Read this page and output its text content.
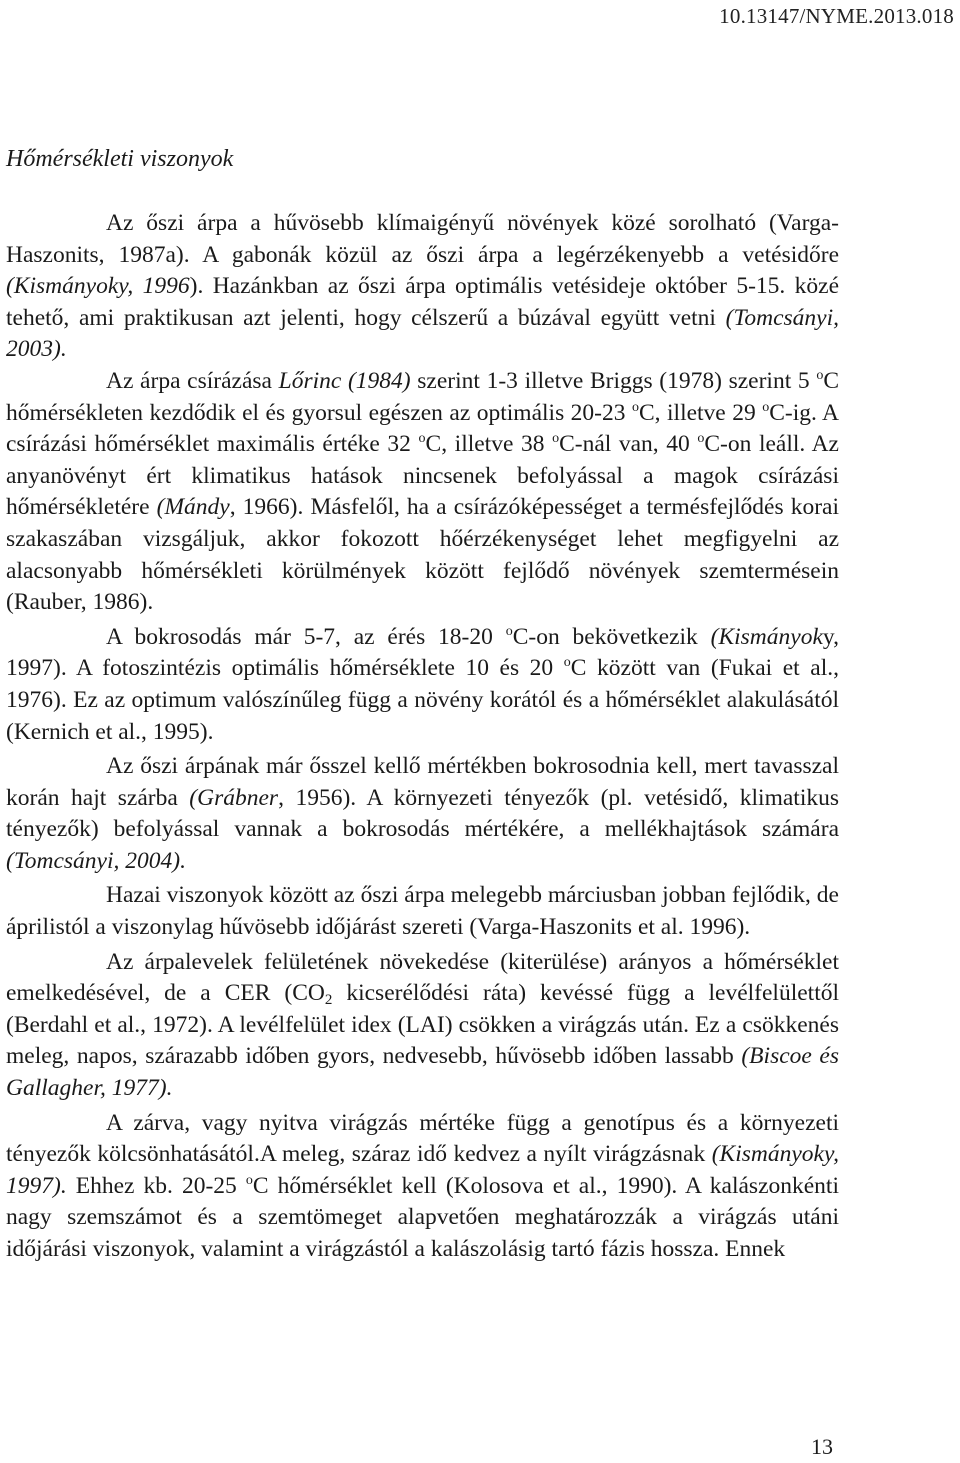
10.13147/NYME.2013.018
Hőmérsékleti viszonyok

Az őszi árpa a hűvösebb klímaigényű növények közé sorolható (Varga-Haszonits, 1987a). A gabonák közül az őszi árpa a legérzékenyebb a vetésidőre (Kismányoky, 1996). Hazánkban az őszi árpa optimális vetésideje október 5-15. közé tehető, ami praktikusan azt jelenti, hogy célszerű a búzával együtt vetni (Tomcsányi, 2003).

Az árpa csírázása Lőrinc (1984) szerint 1-3 illetve Briggs (1978) szerint 5 $^o$C hőmérsékleten kezdődik el és gyorsul egészen az optimális 20-23 $^o$C, illetve 29 $^o$C-ig. A csírázási hőmérséklet maximális értéke 32 $^o$C, illetve 38 $^o$C-nál van, 40 $^o$C-on leáll. Az anyanövényt ért klimatikus hatások nincsenek befolyással a magok csírázási hőmérsékletére (Mándy, 1966). Másfelől, ha a csírázóképességet a termésfejlődés korai szakaszában vizsgáljuk, akkor fokozott hőérzékenységet lehet megfigyelni az alacsonyabb hőmérsékleti körülmények között fejlődő növények szemtermésein (Rauber, 1986).

A bokrosodás már 5-7, az érés 18-20 $^o$C-on bekövetkezik (Kismányoky, 1997). A fotoszintézis optimális hőmérséklete 10 és 20 $^o$C között van (Fukai et al., 1976). Ez az optimum valószínűleg függ a növény korától és a hőmérséklet alakulásától (Kernich et al., 1995).

Az őszi árpának már ősszel kellő mértékben bokrosodnia kell, mert tavasszal korán hajt szárba (Grábner, 1956). A környezeti tényezők (pl. vetésidő, klimatikus tényezők) befolyással vannak a bokrosodás mértékére, a mellékhajtások számára (Tomcsányi, 2004).

Hazai viszonyok között az őszi árpa melegebb márciusban jobban fejlődik, de áprilistól a viszonylag hűvösebb időjárást szereti (Varga-Haszonits et al. 1996).

Az árpalevelek felületének növekedése (kiterülése) arányos a hőmérséklet emelkedésével, de a CER ($CO_2$ kicserélődési ráta) kevéssé függ a levélfelülettől (Berdahl et al., 1972). A levélfelület idex (LAI) csökken a virágzás után. Ez a csökkenés meleg, napos, szárazabb időben gyors, nedvesebb, hűvösebb időben lassabb (Biscoe és Gallagher, 1977).

A zárva, vagy nyitva virágzás mértéke függ a genotípus és a környezeti tényezők kölcsönhatásától.A meleg, száraz idő kedvez a nyílt virágzásnak (Kismányoky, 1997). Ehhez kb. 20-25 $^o$C hőmérséklet kell (Kolosova et al., 1990). A kalászonkénti nagy szemszámot és a szemtömeget alapvetően meghatározzák a virágzás utáni időjárási viszonyok, valamint a virágzástól a kalászolásig tartó fázis hossza. Ennek

13
